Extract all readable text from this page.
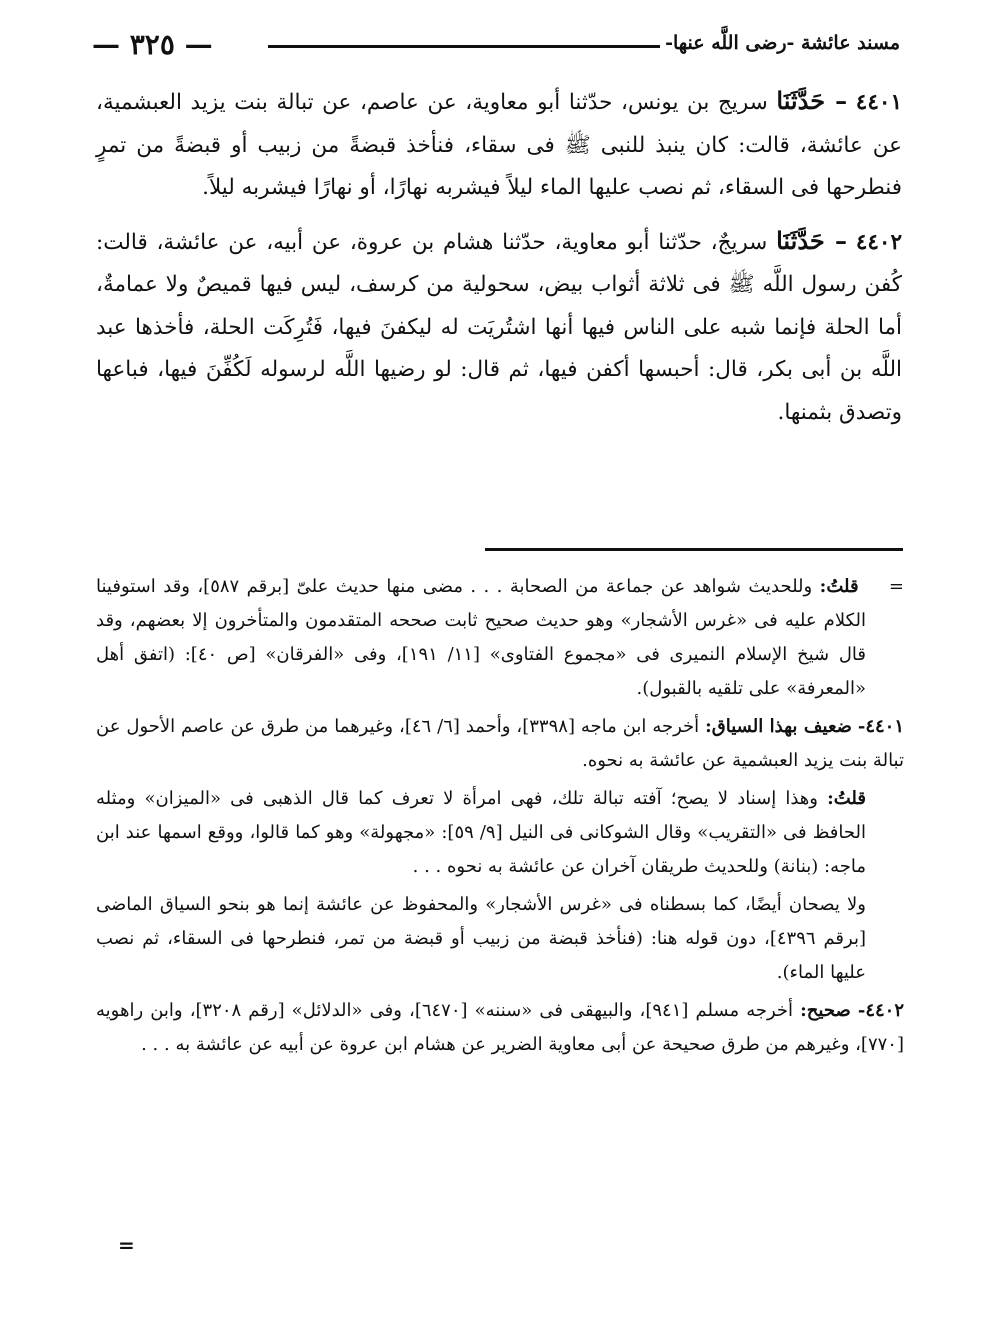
مسند عائشة -رضى اللَّه عنها-
— ٣٢٥ —

٤٤٠١ – حَدَّثَنَا سريج بن يونس، حدّثنا أبو معاوية، عن عاصم، عن تبالة بنت يزيد العبشمية، عن عائشة، قالت: كان ينبذ للنبى ﷺ فى سقاء، فنأخذ قبضةً من زبيب أو قبضةً من تمرٍ فنطرحها فى السقاء، ثم نصب عليها الماء ليلاً فيشربه نهارًا، أو نهارًا فيشربه ليلاً.

٤٤٠٢ – حَدَّثَنَا سريجٌ، حدّثنا أبو معاوية، حدّثنا هشام بن عروة، عن أبيه، عن عائشة، قالت: كُفن رسول اللَّه ﷺ فى ثلاثة أثواب بيض، سحولية من كرسف، ليس فيها قميصٌ ولا عمامةٌ، أما الحلة فإنما شبه على الناس فيها أنها اشتُريَت له ليكفنَ فيها، فَتُرِكَت الحلة، فأخذها عبد اللَّه بن أبى بكر، قال: أحبسها أكفن فيها، ثم قال: لو رضيها اللَّه لرسوله لَكُفِّنَ فيها، فباعها وتصدق بثمنها.

= قلتُ: وللحديث شواهد عن جماعة من الصحابة . . . مضى منها حديث علىّ [برقم ٥٨٧]، وقد استوفينا الكلام عليه فى «غرس الأشجار» وهو حديث صحيح ثابت صححه المتقدمون والمتأخرون إلا بعضهم، وقد قال شيخ الإسلام النميرى فى «مجموع الفتاوى» [١١/ ١٩١]، وفى «الفرقان» [ص ٤٠]: (اتفق أهل «المعرفة» على تلقيه بالقبول).

٤٤٠١- ضعيف بهذا السياق: أخرجه ابن ماجه [٣٣٩٨]، وأحمد [٦/ ٤٦]، وغيرهما من طرق عن عاصم الأحول عن تبالة بنت يزيد العبشمية عن عائشة به نحوه.

قلتُ: وهذا إسناد لا يصح؛ آفته تبالة تلك، فهى امرأة لا تعرف كما قال الذهبى فى «الميزان» ومثله الحافظ فى «التقريب» وقال الشوكانى فى النيل [٩/ ٥٩]: «مجهولة» وهو كما قالوا، ووقع اسمها عند ابن ماجه: (بنانة) وللحديث طريقان آخران عن عائشة به نحوه . . .

ولا يصحان أيضًا، كما بسطناه فى «غرس الأشجار» والمحفوظ عن عائشة إنما هو بنحو السياق الماضى [برقم ٤٣٩٦]، دون قوله هنا: (فنأخذ قبضة من زبيب أو قبضة من تمر، فنطرحها فى السقاء، ثم نصب عليها الماء).

٤٤٠٢- صحيح: أخرجه مسلم [٩٤١]، والبيهقى فى «سننه» [٦٤٧٠]، وفى «الدلائل» [رقم ٣٢٠٨]، وابن راهويه [٧٧٠]، وغيرهم من طرق صحيحة عن أبى معاوية الضرير عن هشام ابن عروة عن أبيه عن عائشة به . . .

=
